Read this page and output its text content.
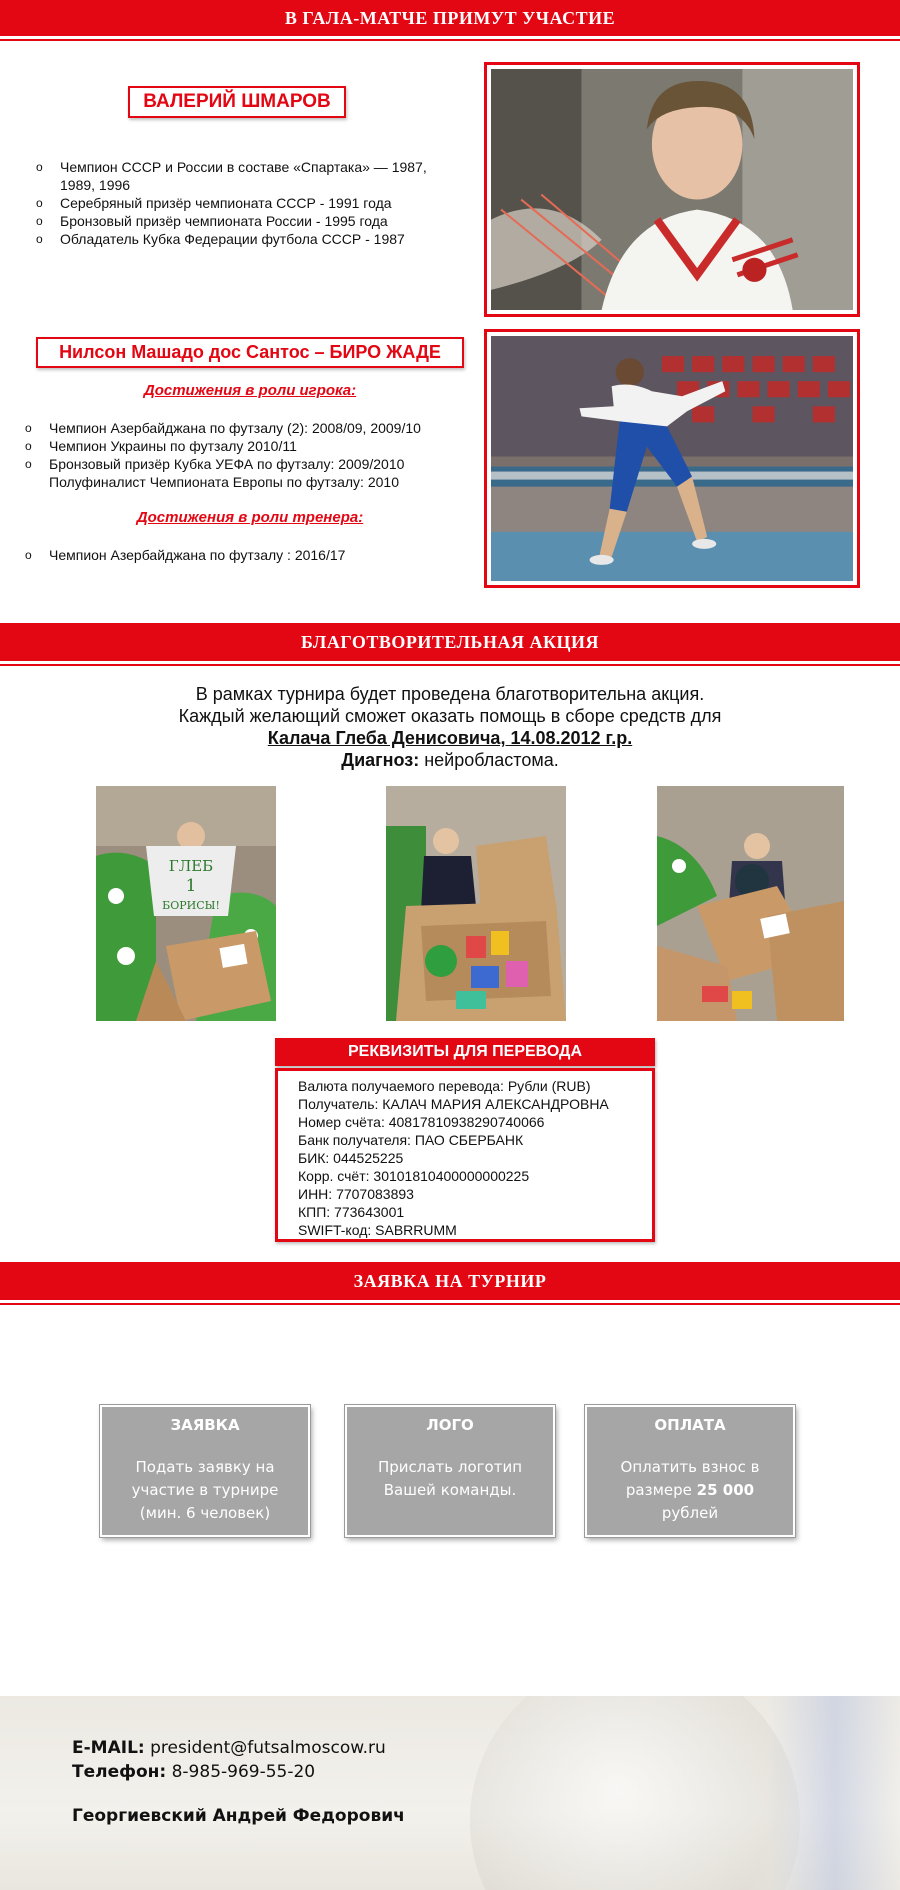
В ГАЛА-МАТЧЕ ПРИМУТ УЧАСТИЕ
ВАЛЕРИЙ ШМАРОВ
o Чемпион СССР и России в составе «Спартака» — 1987,
1989, 1996
o Серебряный призёр чемпионата СССР - 1991 года
o Бронзовый призёр чемпионата России - 1995 года
o Обладатель Кубка Федерации футбола СССР - 1987
Нилсон Машадо дос Сантос – БИРО ЖАДЕ
Достижения в роли игрока:
o Чемпион Азербайджана по футзалу (2): 2008/09, 2009/10
o Чемпион Украины по футзалу 2010/11
o Бронзовый призёр Кубка УЕФА по футзалу: 2009/2010
Полуфиналист Чемпионата Европы по футзалу: 2010
Достижения в роли тренера:
o Чемпион Азербайджана по футзалу : 2016/17
БЛАГОТВОРИТЕЛЬНАЯ АКЦИЯ
В рамках турнира будет проведена благотворительна акция.
Каждый желающий сможет оказать помощь в сборе средств для
Калача Глеба Денисовича, 14.08.2012 г.р.
Диагноз: нейробластома.
ГЛЕБ
1
БОРИСЫ!
РЕКВИЗИТЫ ДЛЯ ПЕРЕВОДА
Валюта получаемого перевода: Рубли (RUB)
Получатель: КАЛАЧ МАРИЯ АЛЕКСАНДРОВНА
Номер счёта: 40817810938290740066
Банк получателя: ПАО СБЕРБАНК
БИК: 044525225
Корр. счёт: 30101810400000000225
ИНН: 7707083893
КПП: 773643001
SWIFT-код: SABRRUMM
ЗАЯВКА НА ТУРНИР
ЗАЯВКА
Подать заявку на
участие в турнире
(мин. 6 человек)
ЛОГО
Прислать логотип
Вашей команды.
ОПЛАТА
Оплатить взнос в
размере 25 000
рублей
E-MAIL: president@futsalmoscow.ru
Телефон: 8-985-969-55-20
Георгиевский Андрей Федорович
